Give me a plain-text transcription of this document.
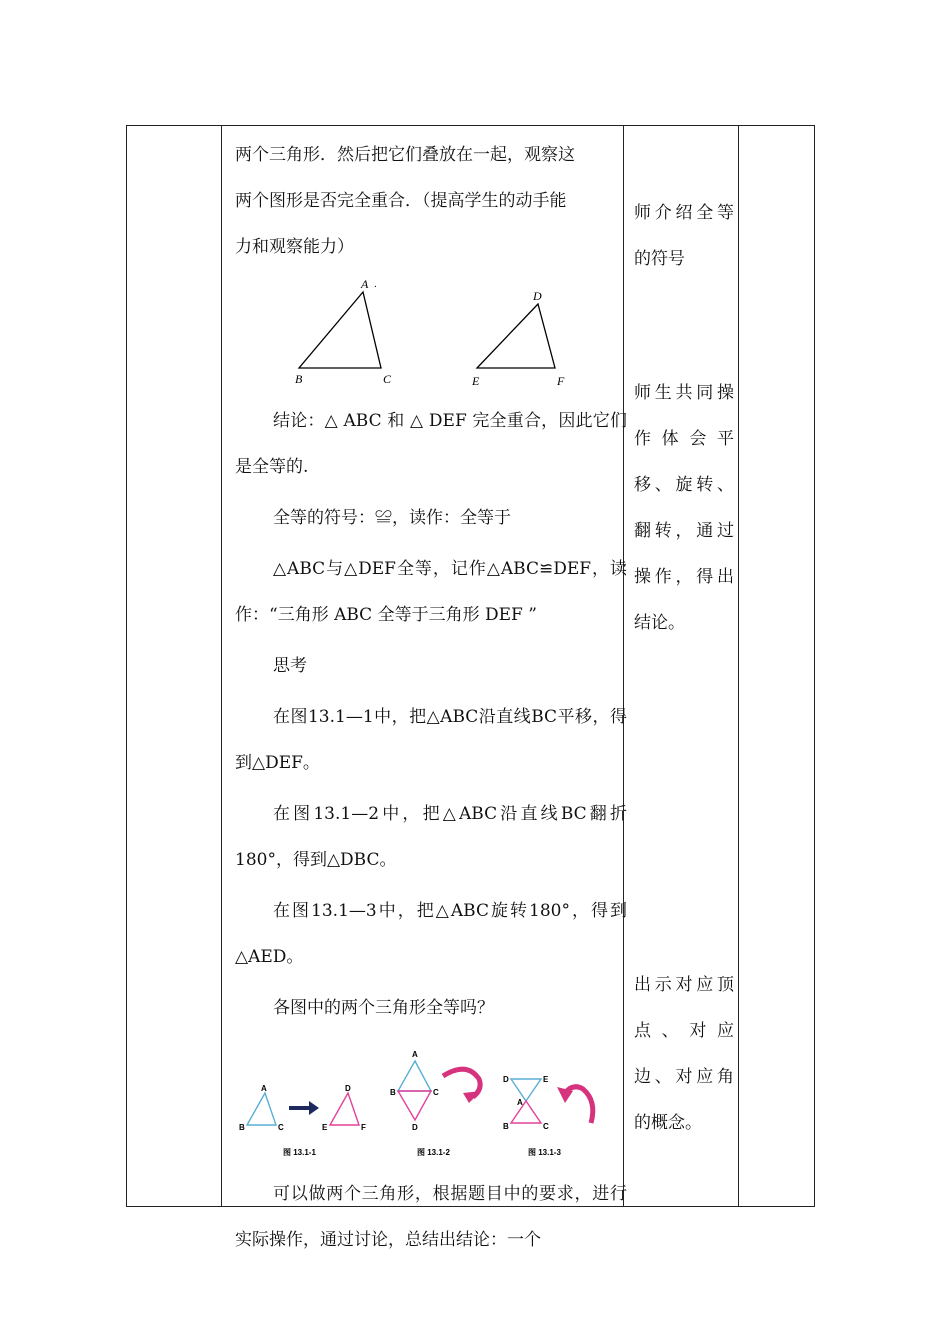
两个三角形．然后把它们叠放在一起，观察这

两个图形是否完全重合．（提高学生的动手能

力和观察能力）

A ·
B	C
D
E	F

结论：△ ABC 和 △ DEF 完全重合，因此它们是全等的.

全等的符号：≌，读作：全等于

△ABC与△DEF全等，记作△ABC≌DEF，读作：“三角形 ABC 全等于三角形 DEF ”

思考

在图13.1—1中，把△ABC沿直线BC平移，得到△DEF。

在图13.1—2中，把△ABC沿直线BC翻折180°，得到△DBC。

在图13.1—3中，把△ABC旋转180°，得到△AED。

各图中的两个三角形全等吗？

A
B	C
D
E	F
图 13.1-1
A
B	C
D
图 13.1-2
D	E
A
B	C
图 13.1-3

可以做两个三角形，根据题目中的要求，进行实际操作，通过讨论，总结出结论：一个

师介绍全等的符号
师生共同操作体会平移、旋转、翻转，通过操作，得出结论。
出示对应顶点、对应边、对应角的概念。
